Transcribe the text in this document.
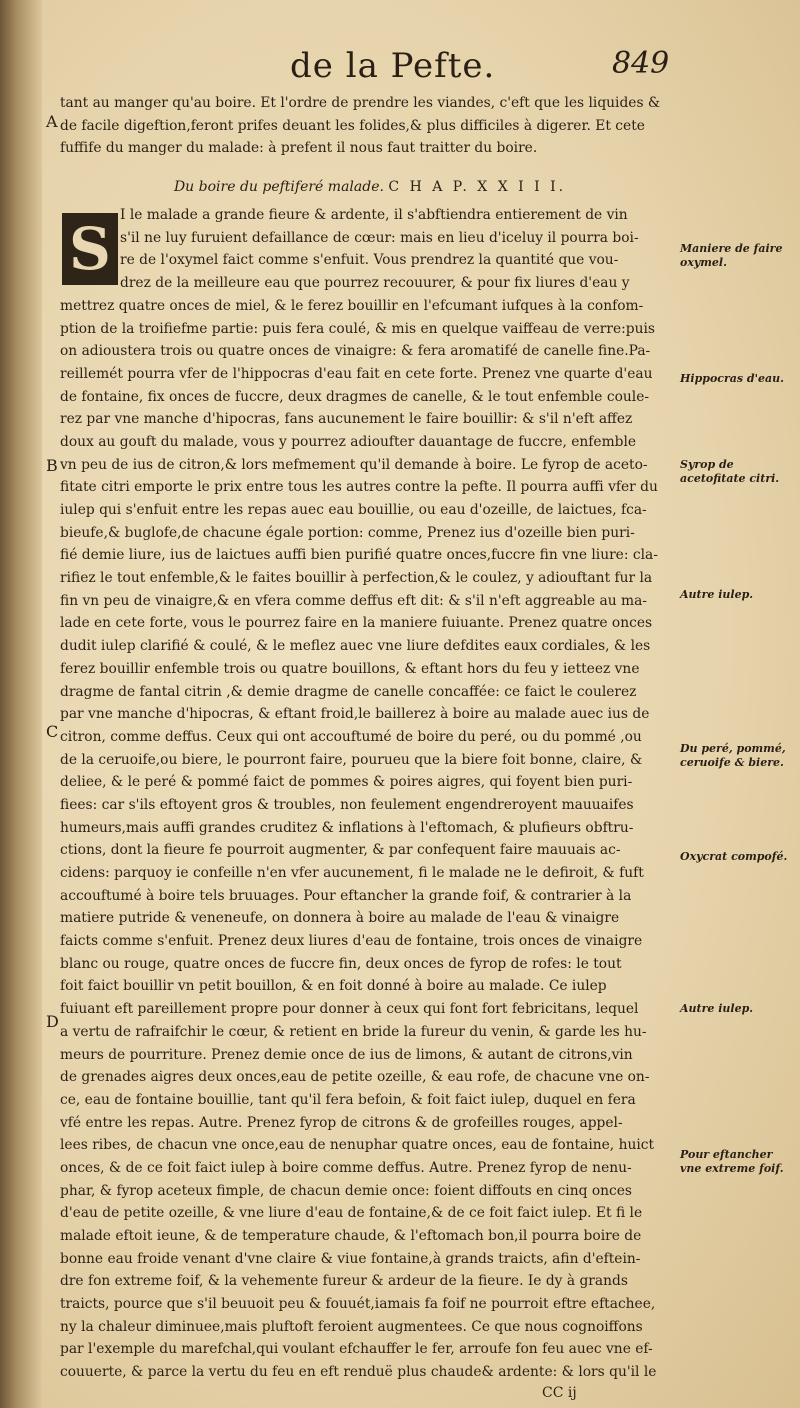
de la Pefte.	849
A
B
C
D
tant au manger qu'au boire. Et l'ordre de prendre les viandes, c'eft que les liquides &
de facile digeftion,feront prifes deuant les folides,& plus difficiles à digerer. Et cete
fuffife du manger du malade: à prefent il nous faut traitter du boire.
Du boire du peftiferé malade. C H A P. X X I I I.
I le malade a grande fieure & ardente, il s'abftiendra entierement de vin
s'il ne luy furuient defaillance de cœur: mais en lieu d'iceluy il pourra boi-
re de l'oxymel faict comme s'enfuit. Vous prendrez la quantité que vou-
drez de la meilleure eau que pourrez recouurer, & pour fix liures d'eau y
mettrez quatre onces de miel, & le ferez bouillir en l'efcumant iufques à la confom-
ption de la troifiefme partie: puis fera coulé, & mis en quelque vaiffeau de verre:puis
on adioustera trois ou quatre onces de vinaigre: & fera aromatifé de canelle fine.Pa-
reillemét pourra vfer de l'hippocras d'eau fait en cete forte. Prenez vne quarte d'eau
de fontaine, fix onces de fuccre, deux dragmes de canelle, & le tout enfemble coule-
rez par vne manche d'hipocras, fans aucunement le faire bouillir: & s'il n'eft affez
doux au gouft du malade, vous y pourrez adioufter dauantage de fuccre, enfemble
vn peu de ius de citron,& lors mefmement qu'il demande à boire. Le fyrop de aceto-
fitate citri emporte le prix entre tous les autres contre la pefte. Il pourra auffi vfer du
iulep qui s'enfuit entre les repas auec eau bouillie, ou eau d'ozeille, de laictues, fca-
bieufe,& buglofe,de chacune égale portion: comme, Prenez ius d'ozeille bien puri-
fié demie liure, ius de laictues auffi bien purifié quatre onces,fuccre fin vne liure: cla-
rifiez le tout enfemble,& le faites bouillir à perfection,& le coulez, y adiouftant fur la
fin vn peu de vinaigre,& en vfera comme deffus eft dit: & s'il n'eft aggreable au ma-
lade en cete forte, vous le pourrez faire en la maniere fuiuante. Prenez quatre onces
dudit iulep clarifié & coulé, & le meflez auec vne liure defdites eaux cordiales, & les
ferez bouillir enfemble trois ou quatre bouillons, & eftant hors du feu y ietteez vne
dragme de fantal citrin ,& demie dragme de canelle concaffée: ce faict le coulerez
par vne manche d'hipocras, & eftant froid,le baillerez à boire au malade auec ius de
citron, comme deffus. Ceux qui ont accouftumé de boire du peré, ou du pommé ,ou
de la ceruoife,ou biere, le pourront faire, pourueu que la biere foit bonne, claire, &
deliee, & le peré & pommé faict de pommes & poires aigres, qui foyent bien puri-
fiees: car s'ils eftoyent gros & troubles, non feulement engendreroyent mauuaifes
humeurs,mais auffi grandes cruditez & inflations à l'eftomach, & plufieurs obftru-
ctions, dont la fieure fe pourroit augmenter, & par confequent faire mauuais ac-
cidens: parquoy ie confeille n'en vfer aucunement, fi le malade ne le defiroit, & fuft
accouftumé à boire tels bruuages. Pour eftancher la grande foif, & contrarier à la
matiere putride & veneneufe, on donnera à boire au malade de l'eau & vinaigre
faicts comme s'enfuit. Prenez deux liures d'eau de fontaine, trois onces de vinaigre
blanc ou rouge, quatre onces de fuccre fin, deux onces de fyrop de rofes: le tout
foit faict bouillir vn petit bouillon, & en foit donné à boire au malade. Ce iulep
fuiuant eft pareillement propre pour donner à ceux qui font fort febricitans, lequel
a vertu de rafraifchir le cœur, & retient en bride la fureur du venin, & garde les hu-
meurs de pourriture. Prenez demie once de ius de limons, & autant de citrons,vin
de grenades aigres deux onces,eau de petite ozeille, & eau rofe, de chacune vne on-
ce, eau de fontaine bouillie, tant qu'il fera befoin, & foit faict iulep, duquel en fera
vfé entre les repas. Autre. Prenez fyrop de citrons & de grofeilles rouges, appel-
lees ribes, de chacun vne once,eau de nenuphar quatre onces, eau de fontaine, huict
onces, & de ce foit faict iulep à boire comme deffus. Autre. Prenez fyrop de nenu-
phar, & fyrop aceteux fimple, de chacun demie once: foient diffouts en cinq onces
d'eau de petite ozeille, & vne liure d'eau de fontaine,& de ce foit faict iulep. Et fi le
malade eftoit ieune, & de temperature chaude, & l'eftomach bon,il pourra boire de
bonne eau froide venant d'vne claire & viue fontaine,à grands traicts, afin d'eftein-
dre fon extreme foif, & la vehemente fureur & ardeur de la fieure. Ie dy à grands
traicts, pource que s'il beuuoit peu & fouuét,iamais fa foif ne pourroit eftre eftachee,
ny la chaleur diminuee,mais pluftoft feroient augmentees. Ce que nous cognoiffons
par l'exemple du marefchal,qui voulant efchauffer le fer, arroufe fon feu auec vne ef-
couuerte, & parce la vertu du feu en eft renduë plus chaude& ardente: & lors qu'il le
S	Maniere de faire oxymel.
Hippocras d'eau.
Syrop de acetofitate citri.
Autre iulep.
Du peré, pommé, ceruoife & biere.
Oxycrat compofé.
Autre iulep.
Pour eftancher vne extreme foif.
CC ij
